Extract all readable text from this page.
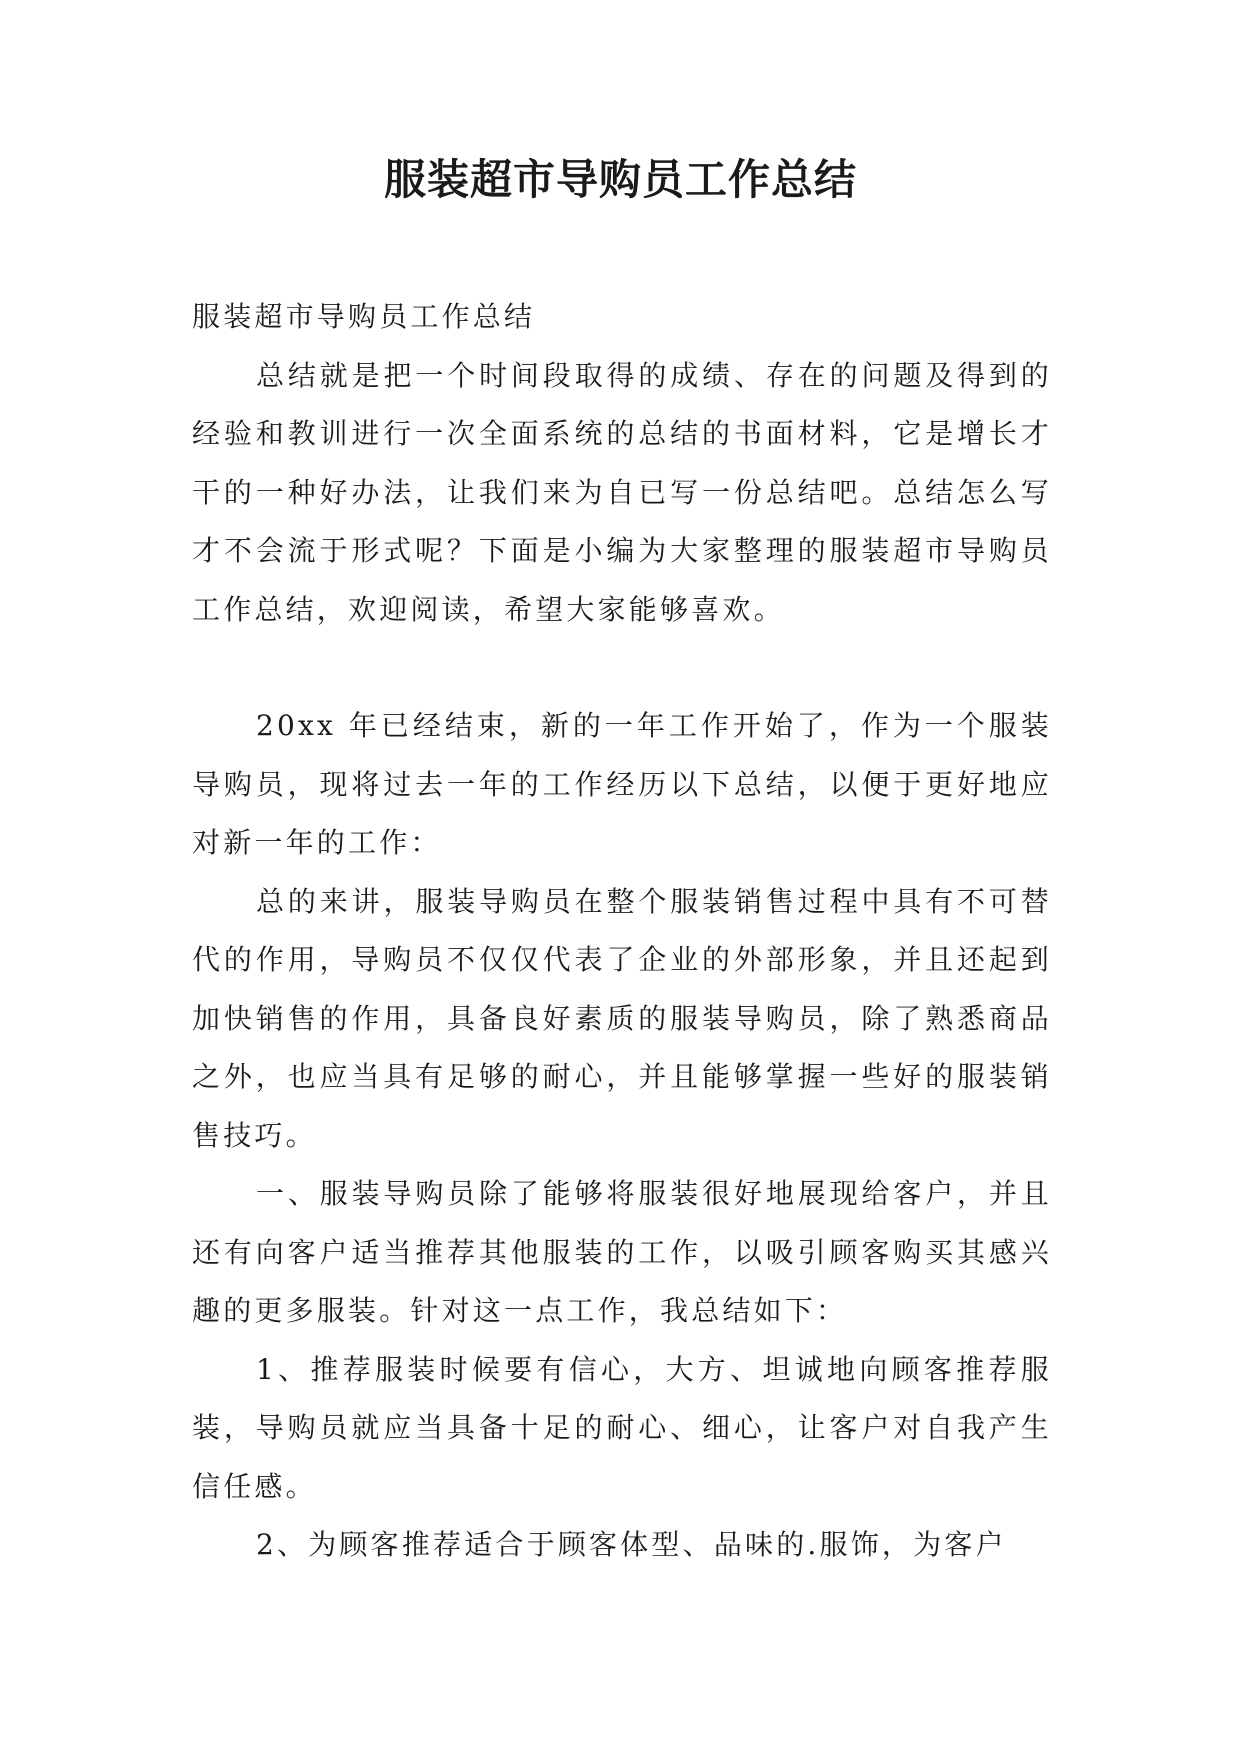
服装超市导购员工作总结

服装超市导购员工作总结

总结就是把一个时间段取得的成绩、存在的问题及得到的经验和教训进行一次全面系统的总结的书面材料，它是增长才干的一种好办法，让我们来为自已写一份总结吧。总结怎么写才不会流于形式呢？下面是小编为大家整理的服装超市导购员工作总结，欢迎阅读，希望大家能够喜欢。

20xx 年已经结束，新的一年工作开始了，作为一个服装导购员，现将过去一年的工作经历以下总结，以便于更好地应对新一年的工作：

总的来讲，服装导购员在整个服装销售过程中具有不可替代的作用，导购员不仅仅代表了企业的外部形象，并且还起到加快销售的作用，具备良好素质的服装导购员，除了熟悉商品之外，也应当具有足够的耐心，并且能够掌握一些好的服装销售技巧。

一、服装导购员除了能够将服装很好地展现给客户，并且还有向客户适当推荐其他服装的工作，以吸引顾客购买其感兴趣的更多服装。针对这一点工作，我总结如下：

1、推荐服装时候要有信心，大方、坦诚地向顾客推荐服装，导购员就应当具备十足的耐心、细心，让客户对自我产生信任感。

2、为顾客推荐适合于顾客体型、品味的.服饰，为客户
